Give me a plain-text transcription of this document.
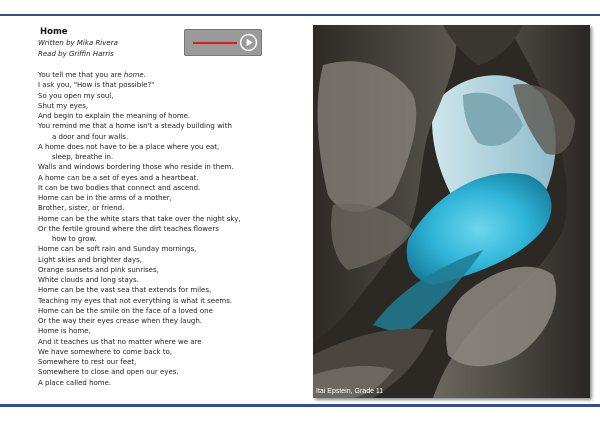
Home
Written by Mika Rivera
Read by Griffin Harris
You tell me that you are home.
I ask you, "How is that possible?"
So you open my soul,
Shut my eyes,
And begin to explain the meaning of home.
You remind me that a home isn't a steady building with
a door and four walls.
A home does not have to be a place where you eat,
sleep, breathe in.
Walls and windows bordering those who reside in them.
A home can be a set of eyes and a heartbeat.
It can be two bodies that connect and ascend.
Home can be in the arms of a mother,
Brother, sister, or friend.
Home can be the white stars that take over the night sky,
Or the fertile ground where the dirt teaches flowers
how to grow.
Home can be soft rain and Sunday mornings,
Light skies and brighter days,
Orange sunsets and pink sunrises,
White clouds and long stays.
Home can be the vast sea that extends for miles,
Teaching my eyes that not everything is what it seems.
Home can be the smile on the face of a loved one
Or the way their eyes crease when they laugh.
Home is home,
And it teaches us that no matter where we are
We have somewhere to come back to,
Somewhere to rest our feet,
Somewhere to close and open our eyes.
A place called home.
Itai Epstein, Grade 11
